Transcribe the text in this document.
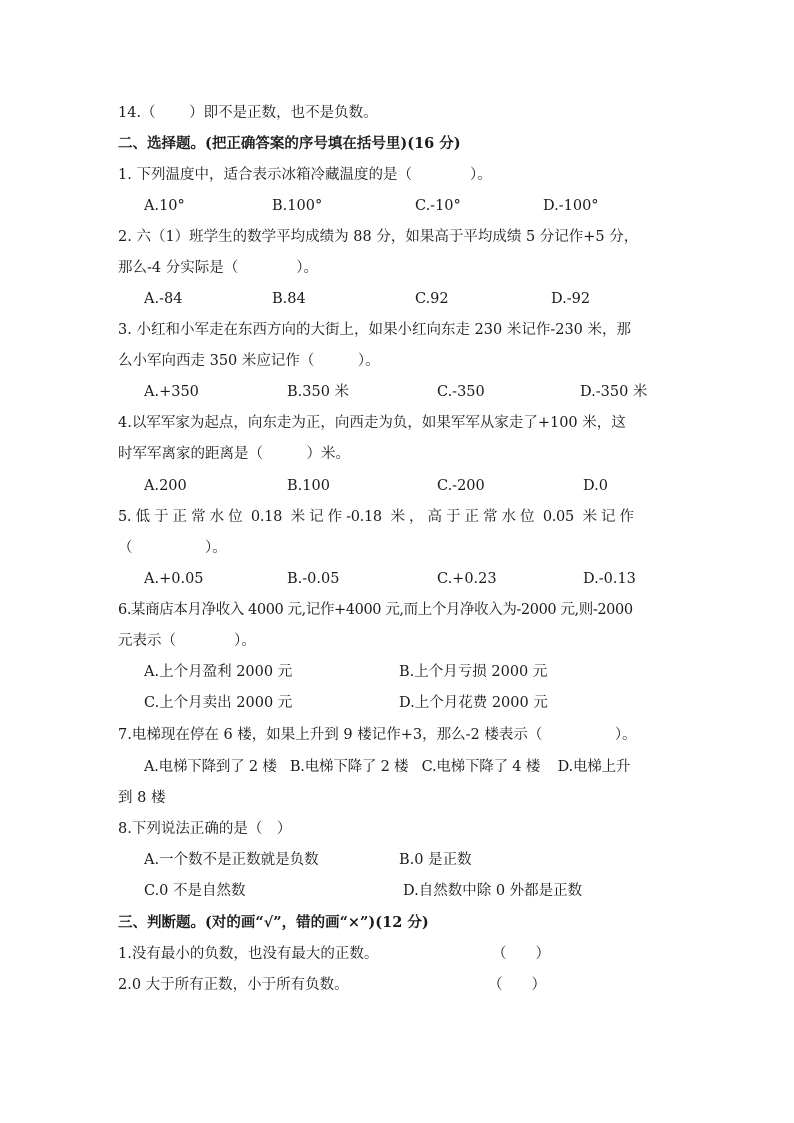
14.（　　 ）即不是正数，也不是负数。
二、选择题。(把正确答案的序号填在括号里)(16 分)
1. 下列温度中，适合表示冰箱冷藏温度的是（　　　　）。
A.10°	B.100°	C.-10°	D.-100°
2. 六（1）班学生的数学平均成绩为 88 分，如果高于平均成绩 5 分记作+5 分，
那么-4 分实际是（　　　　）。
A.-84	B.84	C.92	D.-92
3. 小红和小军走在东西方向的大街上，如果小红向东走 230 米记作-230 米，那
么小军向西走 350 米应记作（　　　）。
A.+350	B.350 米	C.-350	D.-350 米
4.以军军家为起点，向东走为正，向西走为负，如果军军从家走了+100 米，这
时军军离家的距离是（　　　）米。
A.200	B.100	C.-200	D.0
5. 低 于 正 常 水 位  0.18  米 记 作 -0.18  米 ， 高 于 正 常 水 位  0.05  米 记 作
（　　　　　）。
A.+0.05	B.-0.05	C.+0.23	D.-0.13
6.某商店本月净收入 4000 元,记作+4000 元,而上个月净收入为-2000 元,则-2000
元表示（　　　　）。
A.上个月盈利 2000 元	B.上个月亏损 2000 元
C.上个月卖出 2000 元	D.上个月花费 2000 元
7.电梯现在停在 6 楼，如果上升到 9 楼记作+3，那么-2 楼表示（　　　　　）。
A.电梯下降到了 2 楼   B.电梯下降了 2 楼   C.电梯下降了 4 楼    D.电梯上升
到 8 楼
8.下列说法正确的是（　）
A.一个数不是正数就是负数	B.0 是正数
C.0 不是自然数	D.自然数中除 0 外都是正数
三、判断题。(对的画“√”，错的画“×”)(12 分)
1.没有最小的负数，也没有最大的正数。	（　　）
2.0 大于所有正数，小于所有负数。	（　　）
